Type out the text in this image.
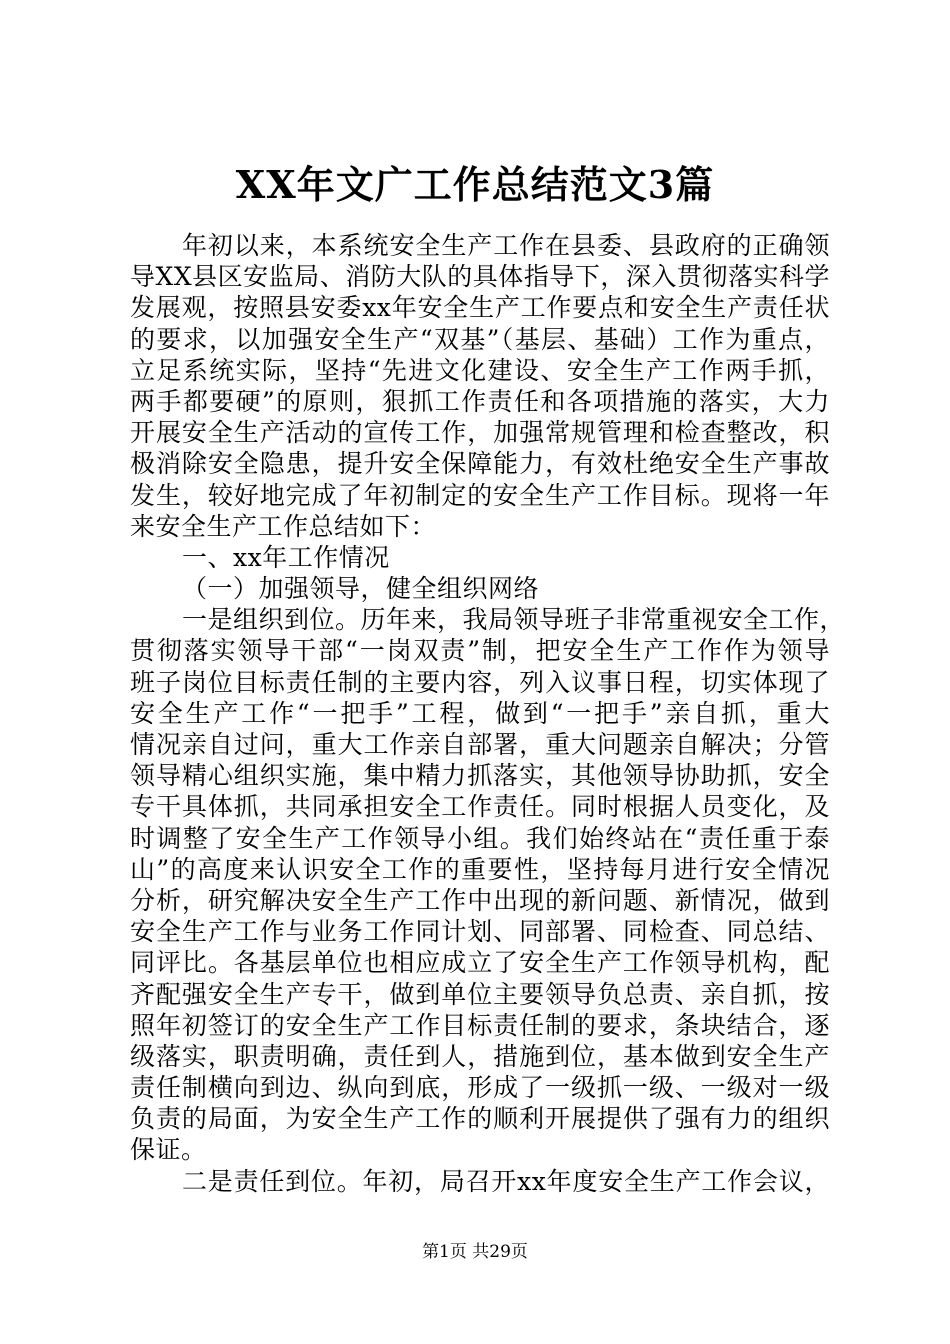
XX年文广工作总结范文3篇
年初以来，本系统安全生产工作在县委、县政府的正确领
导XX县区安监局、消防大队的具体指导下，深入贯彻落实科学
发展观，按照县安委xx年安全生产工作要点和安全生产责任状
的要求，以加强安全生产“双基”（基层、基础）工作为重点，
立足系统实际，坚持“先进文化建设、安全生产工作两手抓，
两手都要硬”的原则，狠抓工作责任和各项措施的落实，大力
开展安全生产活动的宣传工作，加强常规管理和检查整改，积
极消除安全隐患，提升安全保障能力，有效杜绝安全生产事故
发生，较好地完成了年初制定的安全生产工作目标。现将一年
来安全生产工作总结如下：
一、xx年工作情况
（一）加强领导，健全组织网络
一是组织到位。历年来，我局领导班子非常重视安全工作，
贯彻落实领导干部“一岗双责”制，把安全生产工作作为领导
班子岗位目标责任制的主要内容，列入议事日程，切实体现了
安全生产工作“一把手”工程，做到“一把手”亲自抓，重大
情况亲自过问，重大工作亲自部署，重大问题亲自解决；分管
领导精心组织实施，集中精力抓落实，其他领导协助抓，安全
专干具体抓，共同承担安全工作责任。同时根据人员变化，及
时调整了安全生产工作领导小组。我们始终站在“责任重于泰
山”的高度来认识安全工作的重要性，坚持每月进行安全情况
分析，研究解决安全生产工作中出现的新问题、新情况，做到
安全生产工作与业务工作同计划、同部署、同检查、同总结、
同评比。各基层单位也相应成立了安全生产工作领导机构，配
齐配强安全生产专干，做到单位主要领导负总责、亲自抓，按
照年初签订的安全生产工作目标责任制的要求，条块结合，逐
级落实，职责明确，责任到人，措施到位，基本做到安全生产
责任制横向到边、纵向到底，形成了一级抓一级、一级对一级
负责的局面，为安全生产工作的顺利开展提供了强有力的组织
保证。
二是责任到位。年初，局召开xx年度安全生产工作会议，
第1页 共29页
